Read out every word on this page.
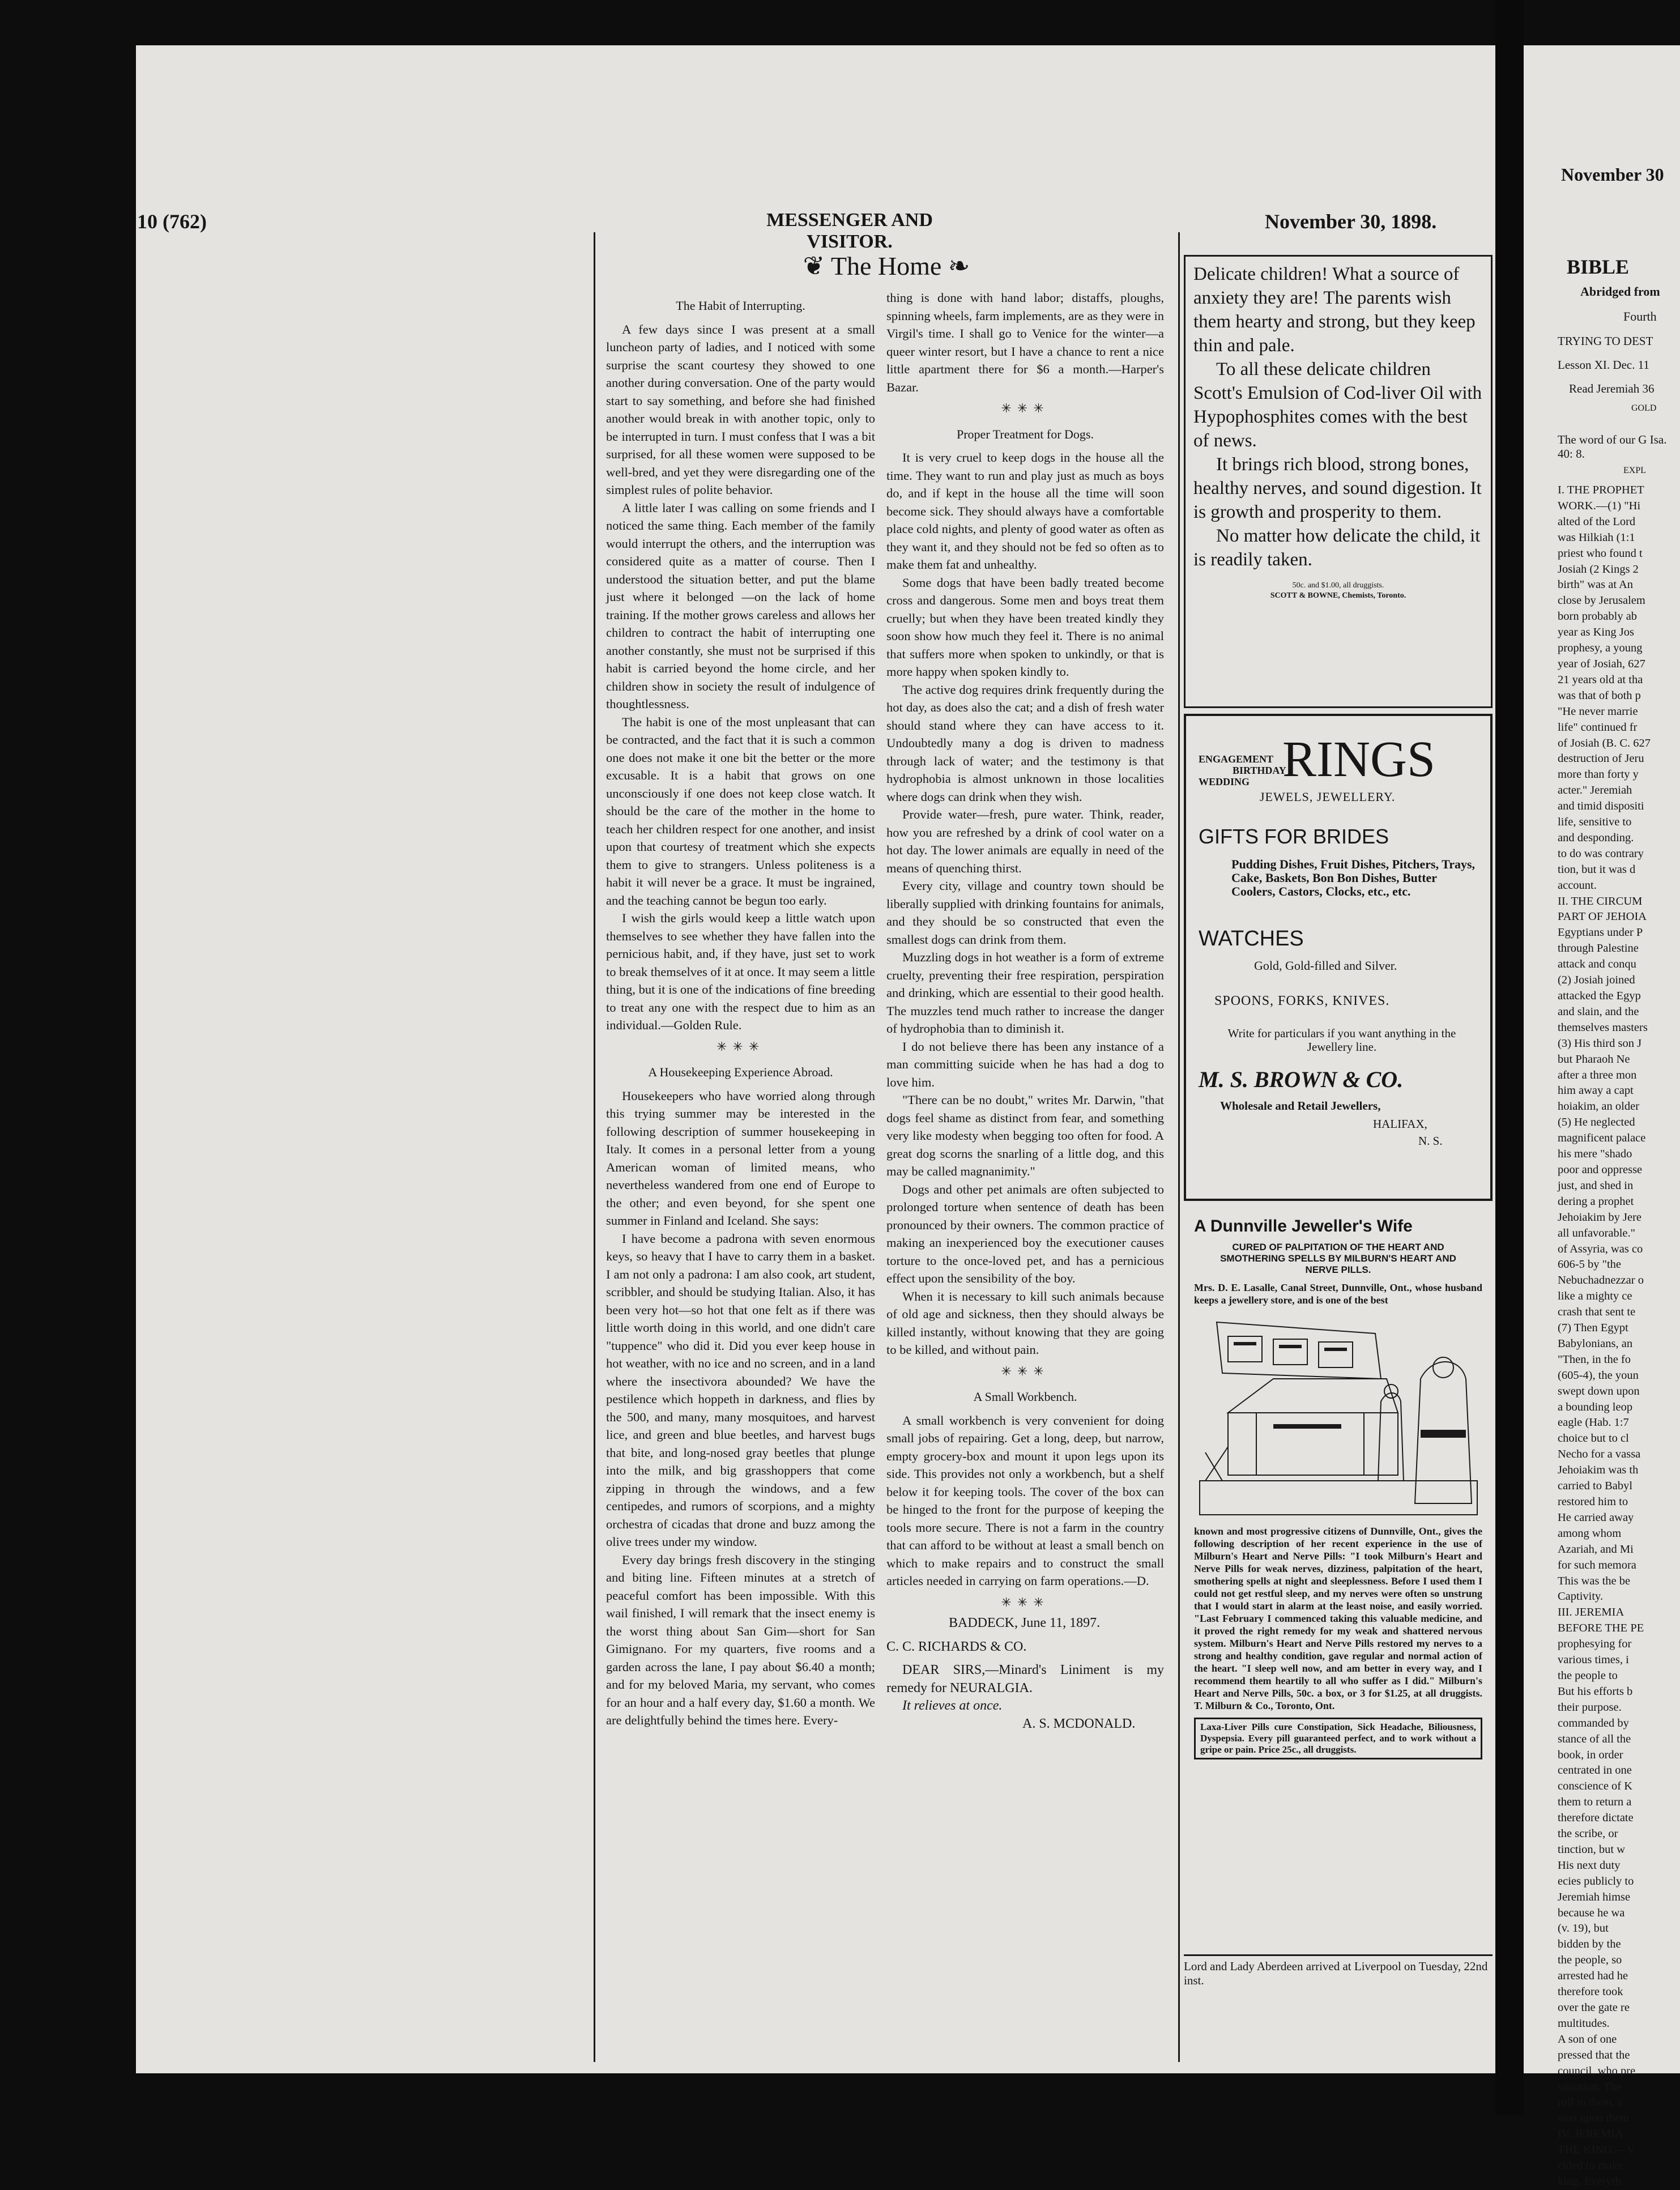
10 (762)	MESSENGER AND VISITOR.
November 30, 1898.
❦ The Home ❧
The Habit of Interrupting.

A few days since I was present at a small luncheon party of ladies, and I noticed with some surprise the scant courtesy they showed to one another during conversation. One of the party would start to say something, and before she had finished another would break in with another topic, only to be interrupted in turn. I must confess that I was a bit surprised, for all these women were supposed to be well-bred, and yet they were disregarding one of the simplest rules of polite behavior.

A little later I was calling on some friends and I noticed the same thing. Each member of the family would interrupt the others, and the interruption was considered quite as a matter of course. Then I understood the situation better, and put the blame just where it belonged —on the lack of home training. If the mother grows careless and allows her children to contract the habit of interrupting one another constantly, she must not be surprised if this habit is carried beyond the home circle, and her children show in society the result of indulgence of thoughtlessness.

The habit is one of the most unpleasant that can be contracted, and the fact that it is such a common one does not make it one bit the better or the more excusable. It is a habit that grows on one unconsciously if one does not keep close watch. It should be the care of the mother in the home to teach her children respect for one another, and insist upon that courtesy of treatment which she expects them to give to strangers. Unless politeness is a habit it will never be a grace. It must be ingrained, and the teaching cannot be begun too early.

I wish the girls would keep a little watch upon themselves to see whether they have fallen into the pernicious habit, and, if they have, just set to work to break themselves of it at once. It may seem a little thing, but it is one of the indications of fine breeding to treat any one with the respect due to him as an individual.—Golden Rule.

✳✳✳
A Housekeeping Experience Abroad.

Housekeepers who have worried along through this trying summer may be interested in the following description of summer housekeeping in Italy. It comes in a personal letter from a young American woman of limited means, who nevertheless wandered from one end of Europe to the other; and even beyond, for she spent one summer in Finland and Iceland. She says:

I have become a padrona with seven enormous keys, so heavy that I have to carry them in a basket. I am not only a padrona: I am also cook, art student, scribbler, and should be studying Italian. Also, it has been very hot—so hot that one felt as if there was little worth doing in this world, and one didn't care "tuppence" who did it. Did you ever keep house in hot weather, with no ice and no screen, and in a land where the insectivora abounded? We have the pestilence which hoppeth in darkness, and flies by the 500, and many, many mosquitoes, and harvest lice, and green and blue beetles, and harvest bugs that bite, and long-nosed gray beetles that plunge into the milk, and big grasshoppers that come zipping in through the windows, and a few centipedes, and rumors of scorpions, and a mighty orchestra of cicadas that drone and buzz among the olive trees under my window.

Every day brings fresh discovery in the stinging and biting line. Fifteen minutes at a stretch of peaceful comfort has been impossible. With this wail finished, I will remark that the insect enemy is the worst thing about San Gim—short for San Gimignano. For my quarters, five rooms and a garden across the lane, I pay about $6.40 a month; and for my beloved Maria, my servant, who comes for an hour and a half every day, $1.60 a month. We are delightfully behind the times here. Every-

thing is done with hand labor; distaffs, ploughs, spinning wheels, farm implements, are as they were in Virgil's time. I shall go to Venice for the winter—a queer winter resort, but I have a chance to rent a nice little apartment there for $6 a month.—Harper's Bazar.

✳✳✳
Proper Treatment for Dogs.

It is very cruel to keep dogs in the house all the time. They want to run and play just as much as boys do, and if kept in the house all the time will soon become sick. They should always have a comfortable place cold nights, and plenty of good water as often as they want it, and they should not be fed so often as to make them fat and unhealthy.

Some dogs that have been badly treated become cross and dangerous. Some men and boys treat them cruelly; but when they have been treated kindly they soon show how much they feel it. There is no animal that suffers more when spoken to unkindly, or that is more happy when spoken kindly to.

The active dog requires drink frequently during the hot day, as does also the cat; and a dish of fresh water should stand where they can have access to it. Undoubtedly many a dog is driven to madness through lack of water; and the testimony is that hydrophobia is almost unknown in those localities where dogs can drink when they wish.

Provide water—fresh, pure water. Think, reader, how you are refreshed by a drink of cool water on a hot day. The lower animals are equally in need of the means of quenching thirst.

Every city, village and country town should be liberally supplied with drinking fountains for animals, and they should be so constructed that even the smallest dogs can drink from them.

Muzzling dogs in hot weather is a form of extreme cruelty, preventing their free respiration, perspiration and drinking, which are essential to their good health. The muzzles tend much rather to increase the danger of hydrophobia than to diminish it.

I do not believe there has been any instance of a man committing suicide when he has had a dog to love him.

"There can be no doubt," writes Mr. Darwin, "that dogs feel shame as distinct from fear, and something very like modesty when begging too often for food. A great dog scorns the snarling of a little dog, and this may be called magnanimity."

Dogs and other pet animals are often subjected to prolonged torture when sentence of death has been pronounced by their owners. The common practice of making an inexperienced boy the executioner causes torture to the once-loved pet, and has a pernicious effect upon the sensibility of the boy.

When it is necessary to kill such animals because of old age and sickness, then they should always be killed instantly, without knowing that they are going to be killed, and without pain.

✳✳✳
A Small Workbench.

A small workbench is very convenient for doing small jobs of repairing. Get a long, deep, but narrow, empty grocery-box and mount it upon legs upon its side. This provides not only a workbench, but a shelf below it for keeping tools. The cover of the box can be hinged to the front for the purpose of keeping the tools more secure. There is not a farm in the country that can afford to be without at least a small bench on which to make repairs and to construct the small articles needed in carrying on farm operations.—D.

✳✳✳

BADDECK, June 11, 1897.

C. C. RICHARDS & CO.

DEAR SIRS,—Minard's Liniment is my remedy for NEURALGIA.

It relieves at once.

A. S. MCDONALD.

Delicate children! What a source of anxiety they are! The parents wish them hearty and strong, but they keep thin and pale.

To all these delicate children Scott's Emulsion of Cod-liver Oil with Hypophosphites comes with the best of news.

It brings rich blood, strong bones, healthy nerves, and sound digestion. It is growth and prosperity to them.

No matter how delicate the child, it is readily taken.

50c. and $1.00, all druggists.

SCOTT & BOWNE, Chemists, Toronto.

ENGAGEMENT
BIRTHDAY
WEDDING RINGS
JEWELS, JEWELLERY.
GIFTS FOR BRIDES
Pudding Dishes, Fruit Dishes, Pitchers, Trays, Cake, Baskets, Bon Bon Dishes, Butter Coolers, Castors, Clocks, etc., etc.
WATCHES
Gold, Gold-filled and Silver.
SPOONS, FORKS, KNIVES.
Write for particulars if you want anything in the Jewellery line.
M. S. BROWN & CO.
Wholesale and Retail Jewellers,
HALIFAX,
N. S.
A Dunnville Jeweller's Wife
CURED OF PALPITATION OF THE HEART AND SMOTHERING SPELLS BY MILBURN'S HEART AND NERVE PILLS.
Mrs. D. E. Lasalle, Canal Street, Dunnville, Ont., whose husband keeps a jewellery store, and is one of the best
known and most progressive citizens of Dunnville, Ont., gives the following description of her recent experience in the use of Milburn's Heart and Nerve Pills: "I took Milburn's Heart and Nerve Pills for weak nerves, dizziness, palpitation of the heart, smothering spells at night and sleeplessness. Before I used them I could not get restful sleep, and my nerves were often so unstrung that I would start in alarm at the least noise, and easily worried. "Last February I commenced taking this valuable medicine, and it proved the right remedy for my weak and shattered nervous system. Milburn's Heart and Nerve Pills restored my nerves to a strong and healthy condition, gave regular and normal action of the heart. "I sleep well now, and am better in every way, and I recommend them heartily to all who suffer as I did." Milburn's Heart and Nerve Pills, 50c. a box, or 3 for $1.25, at all druggists. T. Milburn & Co., Toronto, Ont.
Laxa-Liver Pills cure Constipation, Sick Headache, Biliousness, Dyspepsia. Every pill guaranteed perfect, and to work without a gripe or pain. Price 25c., all druggists.
Lord and Lady Aberdeen arrived at Liverpool on Tuesday, 22nd inst.
November 30
BIBLE
Abridged from
Fourth
TRYING TO DEST
Lesson XI. Dec. 11
Read Jeremiah 36
GOLD
The word of our G Isa. 40: 8.
EXPL
I. THE PROPHET
WORK.—(1) "Hi
alted of the Lord
was Hilkiah (1:1
priest who found t
Josiah (2 Kings 2
birth" was at An
close by Jerusalem
born probably ab
year as King Jos
prophesy, a young
year of Josiah, 627
21 years old at tha
was that of both p
"He never marrie
life" continued fr
of Josiah (B. C. 627
destruction of Jeru
more than forty y
acter." Jeremiah
and timid dispositi
life, sensitive to
and desponding.
to do was contrary
tion, but it was d
account.
II. THE CIRCUM
PART OF JEHOIA
Egyptians under P
through Palestine
attack and conqu
(2) Josiah joined
attacked the Egyp
and slain, and the
themselves masters
(3) His third son J
but Pharaoh Ne
after a three mon
him away a capt
hoiakim, an older
(5) He neglected
magnificent palace
his mere "shado
poor and oppresse
just, and shed in
dering a prophet
Jehoiakim by Jere
all unfavorable."
of Assyria, was co
606-5 by "the
Nebuchadnezzar o
like a mighty ce
crash that sent te
(7) Then Egypt
Babylonians, an
"Then, in the fo
(605-4), the youn
swept down upon
a bounding leop
eagle (Hab. 1:7
choice but to cl
Necho for a vassa
Jehoiakim was th
carried to Babyl
restored him to
He carried away
among whom
Azariah, and Mi
for such memora
This was the be
Captivity.
III. JEREMIA
BEFORE THE PE
prophesying for
various times, i
the people to
But his efforts b
their purpose.
commanded by
stance of all the
book, in order
centrated in one
conscience of K
them to return a
therefore dictate
the scribe, or
tinction, but w
His next duty
ecies publicly to
Jeremiah himse
because he wa
(v. 19), but
bidden by the
the people, so
arrested had he
therefore took
over the gate re
multitudes.
A son of one
pressed that the
council, who pre
situation. The
roll to them, a
sion upon them
IV. JEREMIA
THE KING.—V
cided to make
king. Everyth
